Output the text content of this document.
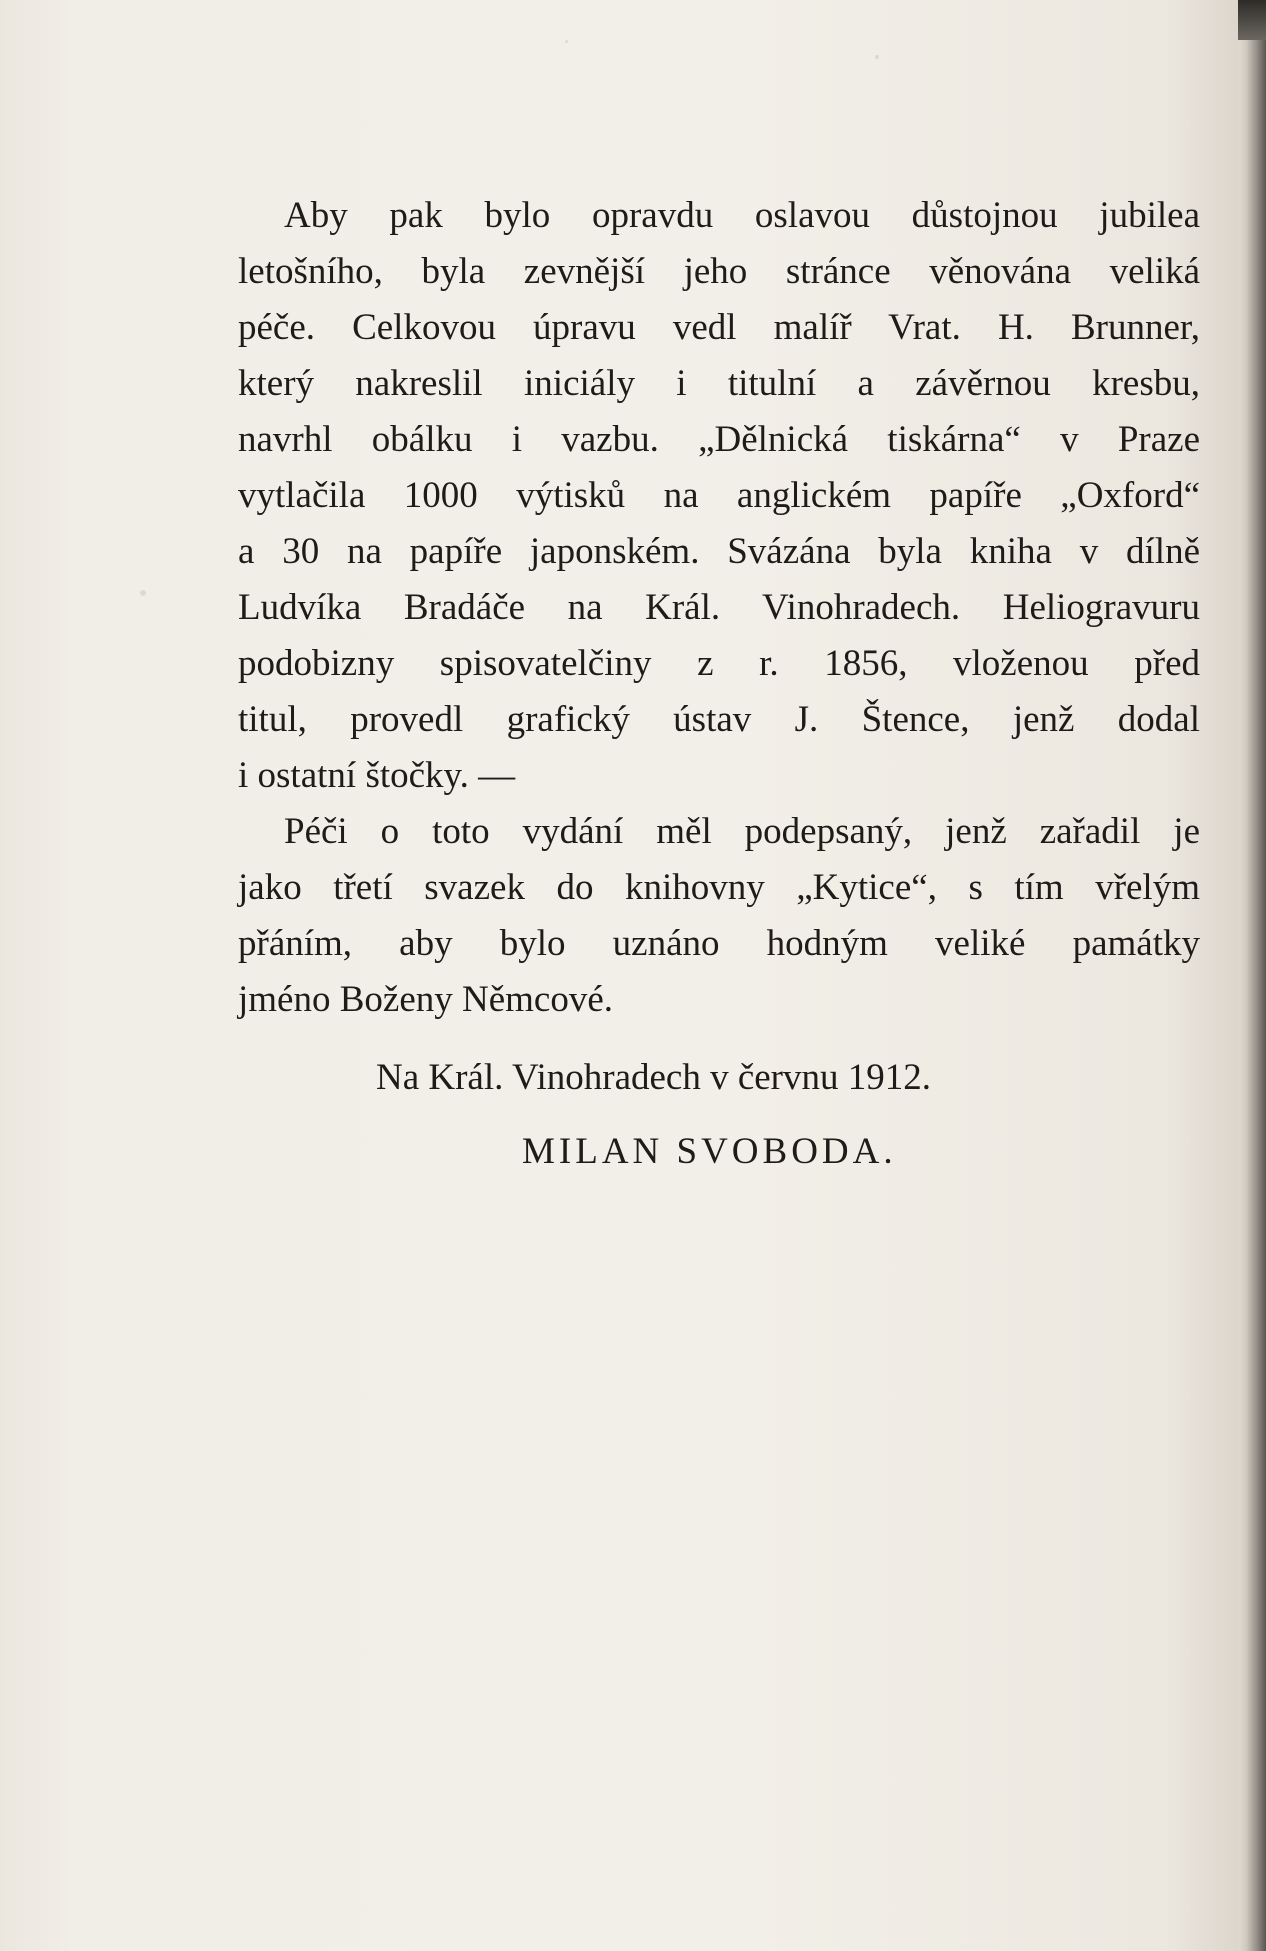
Aby pak bylo opravdu oslavou důstojnou jubilea
letošního, byla zevnější jeho stránce věnována veliká
péče. Celkovou úpravu vedl malíř Vrat. H. Brunner,
který nakreslil iniciály i titulní a závěrnou kresbu,
navrhl obálku i vazbu. „Dělnická tiskárna“ v Praze
vytlačila 1000 výtisků na anglickém papíře „Oxford“
a 30 na papíře japonském. Svázána byla kniha v dílně
Ludvíka Bradáče na Král. Vinohradech. Heliogravuru
podobizny spisovatelčiny z r. 1856, vloženou před
titul, provedl grafický ústav J. Štence, jenž dodal
i ostatní štočky. —
Péči o toto vydání měl podepsaný, jenž zařadil je
jako třetí svazek do knihovny „Kytice“, s tím vřelým
přáním, aby bylo uznáno hodným veliké památky
jméno Boženy Němcové.
Na Král. Vinohradech v červnu 1912.
MILAN SVOBODA.
